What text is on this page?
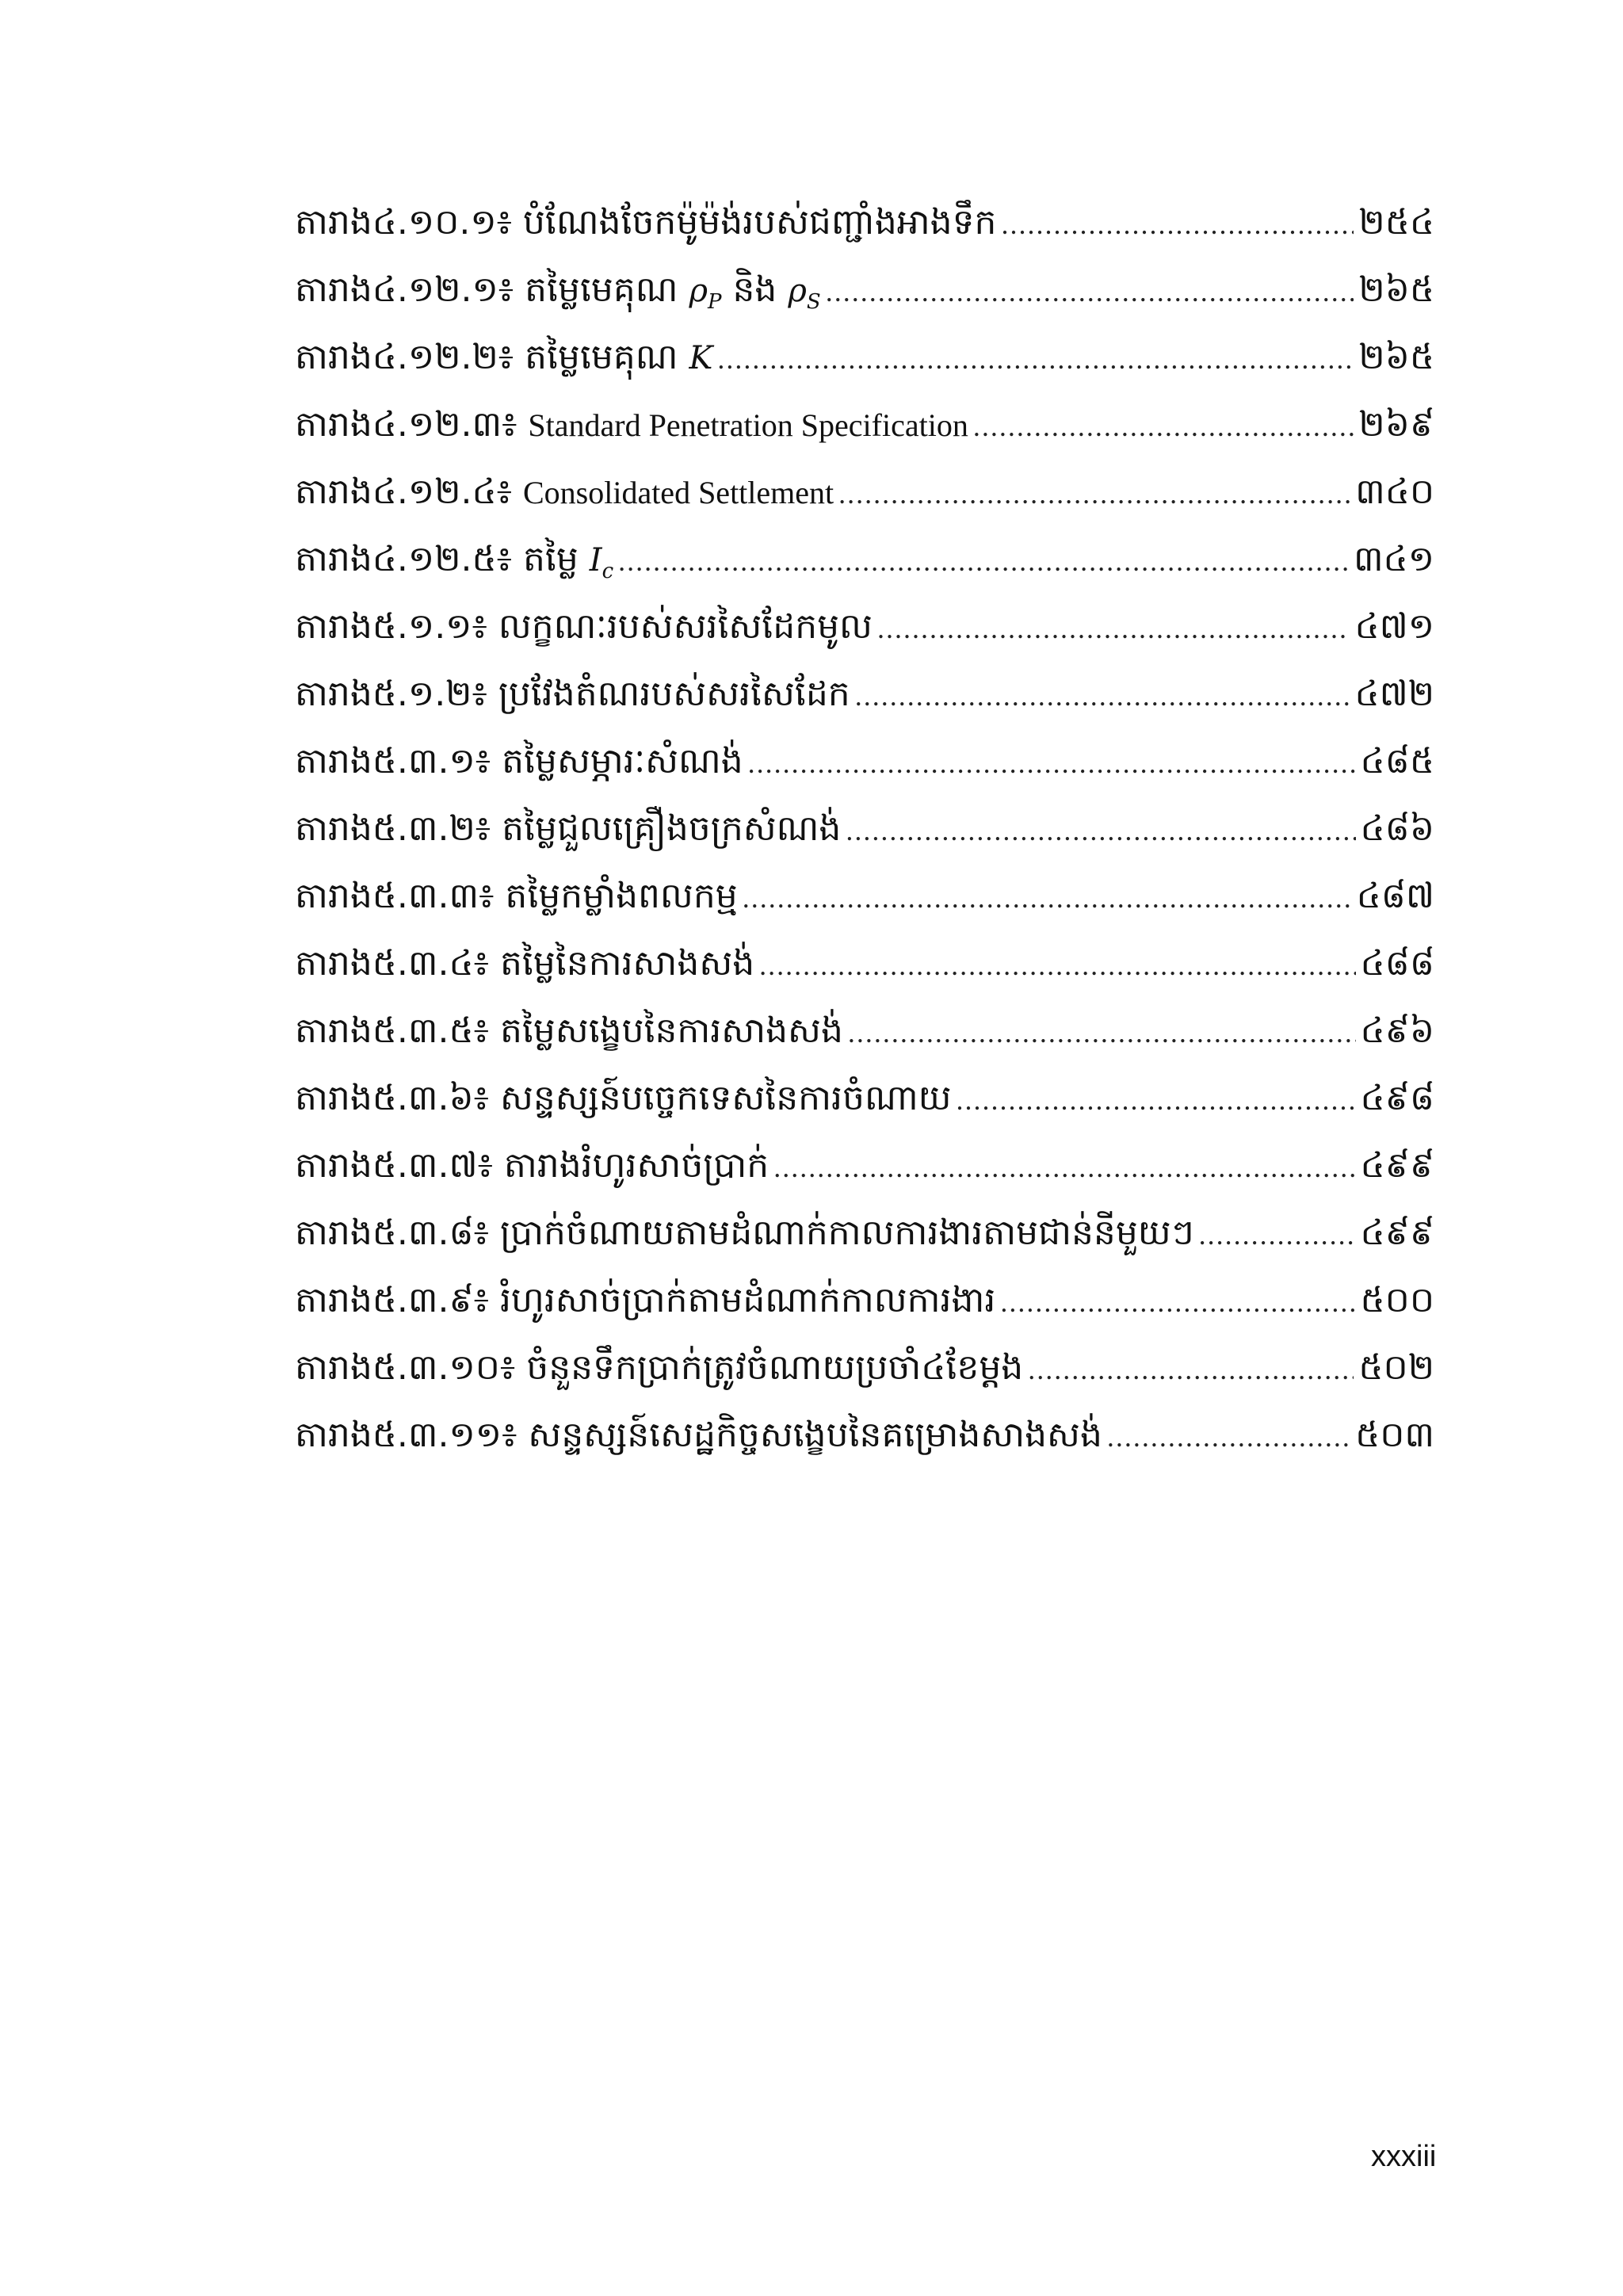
តារាង៤.១០.១៖ បំណែងចែកម៉ូម៉ង់របស់ជញ្ជាំងអាងទឹក .....	២៥៤
តារាង៤.១២.១៖ តម្លៃមេគុណ $\rho_P$ និង $\rho_S$ .....	២៦៥
តារាង៤.១២.២៖ តម្លៃមេគុណ K .....	២៦៥
តារាង៤.១២.៣៖ Standard Penetration Specification .....	២៦៩
តារាង៤.១២.៤៖ Consolidated Settlement .....	៣៤០
តារាង៤.១២.៥៖ តម្លៃ $I_c$ .....	៣៤១
តារាង៥.១.១៖ លក្ខណៈរបស់សរសៃដែកមូល .....	៤៧១
តារាង៥.១.២៖ ប្រវែងតំណរបស់សរសៃដែក .....	៤៧២
តារាង៥.៣.១៖ តម្លៃសម្ភារៈសំណង់ .....	៤៨៥
តារាង៥.៣.២៖ តម្លៃជួលគ្រឿងចក្រសំណង់ .....	៤៨៦
តារាង៥.៣.៣៖ តម្លៃកម្លាំងពលកម្ម .....	៤៨៧
តារាង៥.៣.៤៖ តម្លៃនៃការសាងសង់ .....	៤៨៨
តារាង៥.៣.៥៖ តម្លៃសង្ខេបនៃការសាងសង់ .....	៤៩៦
តារាង៥.៣.៦៖ សន្ទស្សន៍បច្ចេកទេសនៃការចំណាយ .....	៤៩៨
តារាង៥.៣.៧៖ តារាងរំហូរសាច់ប្រាក់ .....	៤៩៩
តារាង៥.៣.៨៖ ប្រាក់ចំណាយតាមដំណាក់កាលការងារតាមជាន់នីមួយៗ .....	៤៩៩
តារាង៥.៣.៩៖ រំហូរសាច់ប្រាក់តាមដំណាក់កាលការងារ .....	៥០០
តារាង៥.៣.១០៖ ចំនួនទឹកប្រាក់ត្រូវចំណាយប្រចាំ៤ខែម្តង .....	៥០២
តារាង៥.៣.១១៖ សន្ទស្សន៍សេដ្ឋកិច្ចសង្ខេបនៃគម្រោងសាងសង់ .....	៥០៣
xxxiii
